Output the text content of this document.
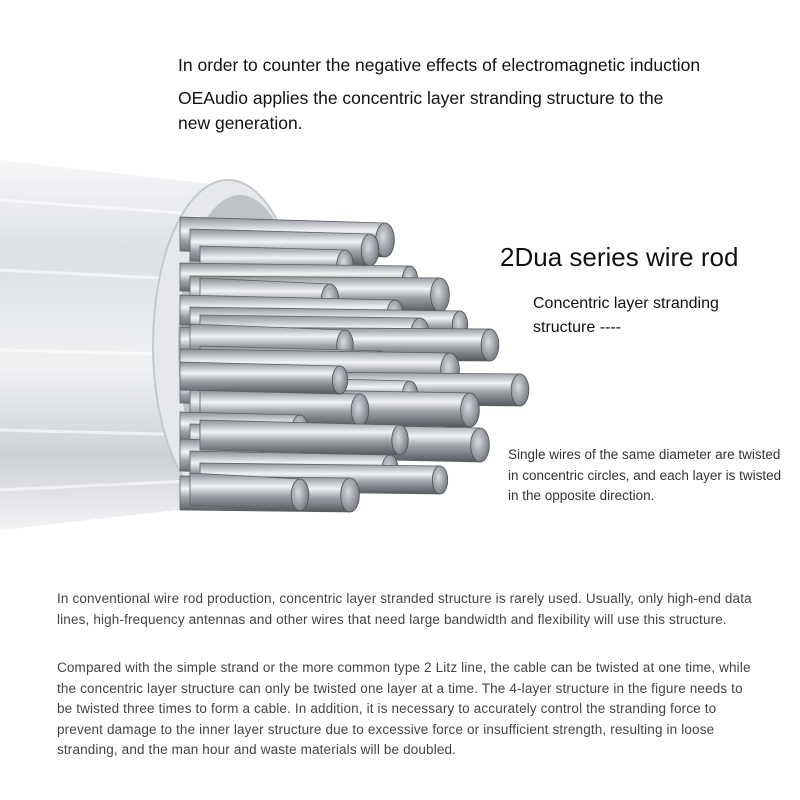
In order to counter the negative effects of electromagnetic induction

OEAudio applies the concentric layer stranding structure to the new generation.

2Dua series wire rod

Concentric layer stranding structure ----

Single wires of the same diameter are twisted in concentric circles, and each layer is twisted in the opposite direction.

In conventional wire rod production, concentric layer stranded structure is rarely used. Usually, only high-end data lines, high-frequency antennas and other wires that need large bandwidth and flexibility will use this structure.

Compared with the simple strand or the more common type 2 Litz line, the cable can be twisted at one time, while the concentric layer structure can only be twisted one layer at a time. The 4-layer structure in the figure needs to be twisted three times to form a cable. In addition, it is necessary to accurately control the stranding force to prevent damage to the inner layer structure due to excessive force or insufficient strength, resulting in loose stranding, and the man hour and waste materials will be doubled.
